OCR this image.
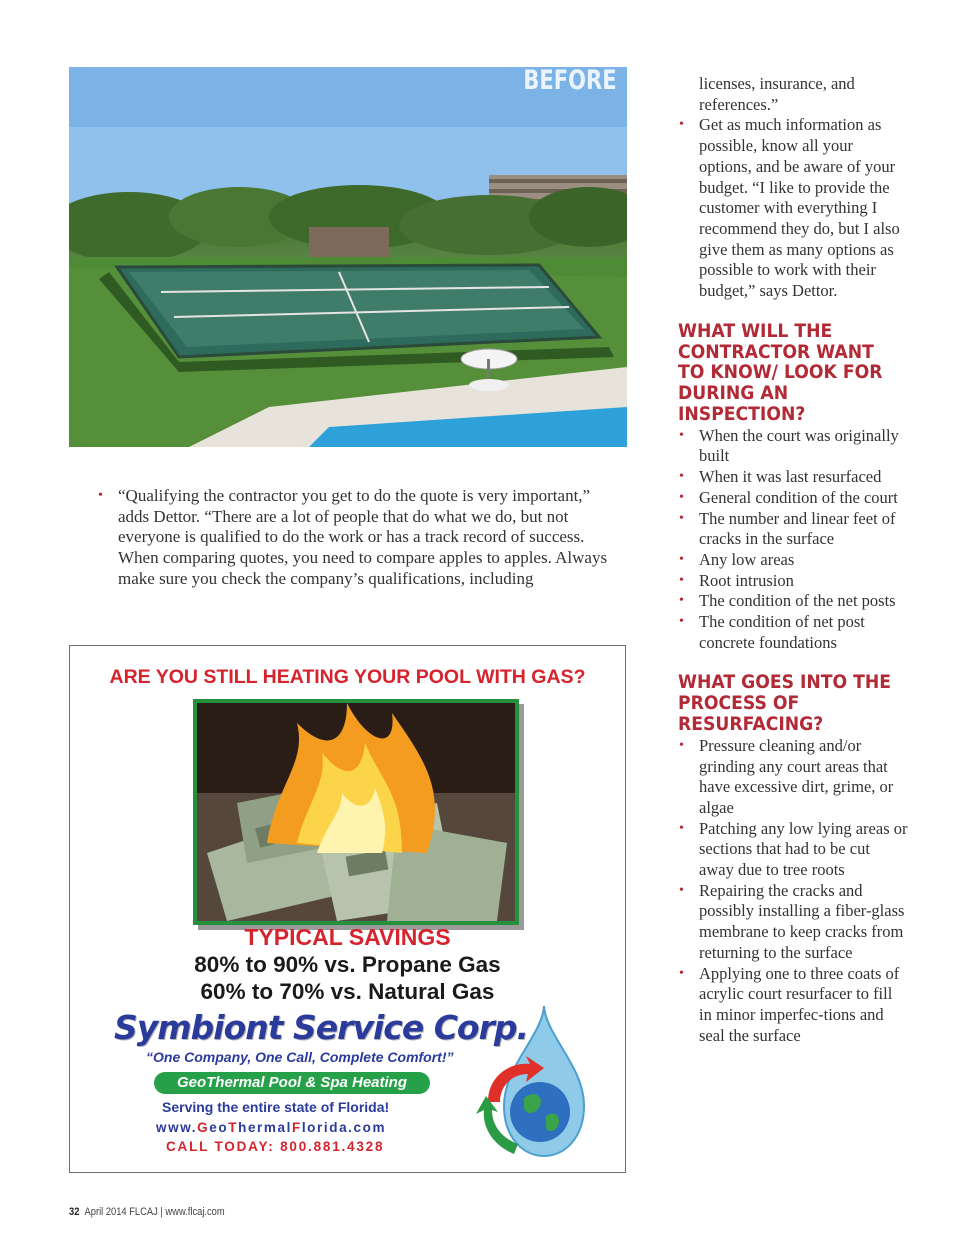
BEFORE
• “Qualifying the contractor you get to do the quote is very important,” adds Dettor. “There are a lot of people that do what we do, but not everyone is qualified to do the work or has a track record of success. When comparing quotes, you need to compare apples to apples. Always make sure you check the company’s qualifications, including
ARE YOU STILL HEATING YOUR POOL WITH GAS?
TYPICAL SAVINGS
80% to 90% vs. Propane Gas
60% to 70% vs. Natural Gas
Symbiont Service Corp.
“One Company, One Call, Complete Comfort!”
GeoThermal Pool & Spa Heating
Serving the entire state of Florida!
www.GeoThermalFlorida.com
CALL TODAY: 800.881.4328
licenses, insurance, and references.”
• Get as much information as possible, know all your options, and be aware of your budget. “I like to provide the customer with everything I recommend they do, but I also give them as many options as possible to work with their budget,” says Dettor.
WHAT WILL THE CONTRACTOR WANT TO KNOW/ LOOK FOR DURING AN INSPECTION?
• When the court was originally built
• When it was last resurfaced
• General condition of the court
• The number and linear feet of cracks in the surface
• Any low areas
• Root intrusion
• The condition of the net posts
• The condition of net post concrete foundations
WHAT GOES INTO THE PROCESS OF RESURFACING?
• Pressure cleaning and/or grinding any court areas that have excessive dirt, grime, or algae
• Patching any low lying areas or sections that had to be cut away due to tree roots
• Repairing the cracks and possibly installing a fiber-glass membrane to keep cracks from returning to the surface
• Applying one to three coats of acrylic court resurfacer to fill in minor imperfec-tions and seal the surface
32 April 2014 FLCAJ | www.flcaj.com
